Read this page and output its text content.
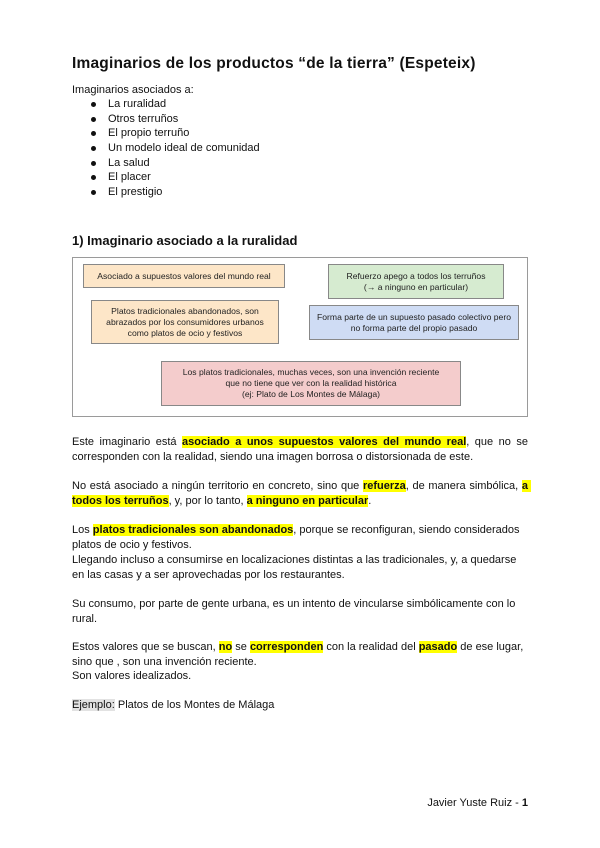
Imaginarios de los productos “de la tierra” (Espeteix)
Imaginarios asociados a:
La ruralidad
Otros terruños
El propio terruño
Un modelo ideal de comunidad
La salud
El placer
El prestigio
1) Imaginario asociado a la ruralidad
Asociado a supuestos valores del mundo real	Refuerzo apego a todos los terruños
(→ a ninguno en particular)
Platos tradicionales abandonados, son abrazados por los consumidores urbanos como platos de ocio y festivos
Forma parte de un supuesto pasado colectivo pero no forma parte del propio pasado
Los platos tradicionales, muchas veces, son una invención reciente
que no tiene que ver con la realidad histórica
(ej: Plato de Los Montes de Málaga)

Este imaginario está asociado a unos supuestos valores del mundo real, que no se corresponden con la realidad, siendo una imagen borrosa o distorsionada de este.

No está asociado a ningún territorio en concreto, sino que refuerza, de manera simbólica, a todos los terruños, y, por lo tanto, a ninguno en particular.

Los platos tradicionales son abandonados, porque se reconfiguran, siendo considerados platos de ocio y festivos.

Llegando incluso a consumirse en localizaciones distintas a las tradicionales, y, a quedarse en las casas y a ser aprovechadas por los restaurantes.

Su consumo, por parte de gente urbana, es un intento de vincularse simbólicamente con lo rural.

Estos valores que se buscan, no se corresponden con la realidad del pasado de ese lugar,

sino que , son una invención reciente.

Son valores idealizados.

Ejemplo: Platos de los Montes de Málaga

Javier Yuste Ruiz - 1
